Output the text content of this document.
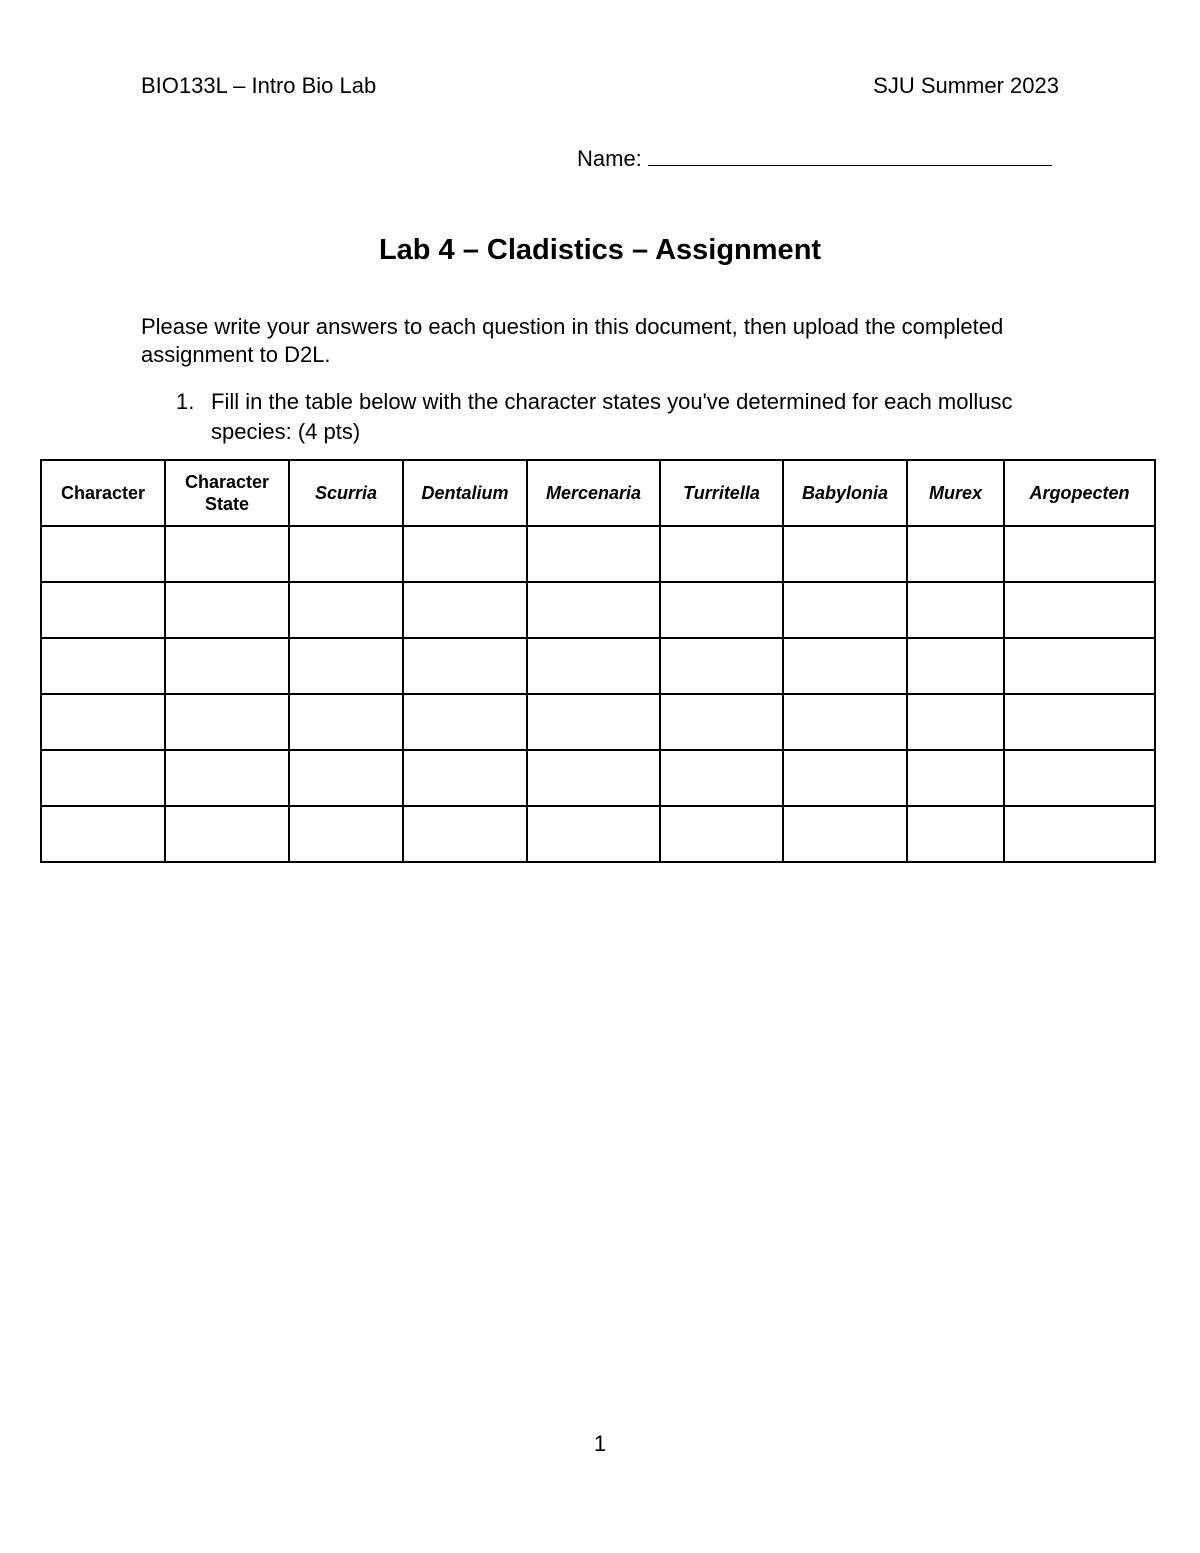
BIO133L – Intro Bio Lab	SJU Summer 2023
Name:
Lab 4 – Cladistics – Assignment
Please write your answers to each question in this document, then upload the completed assignment to D2L.
1. Fill in the table below with the character states you've determined for each mollusc species: (4 pts)
Character	Character State	Scurria	Dentalium	Mercenaria	Turritella	Babylonia	Murex	Argopecten

1
